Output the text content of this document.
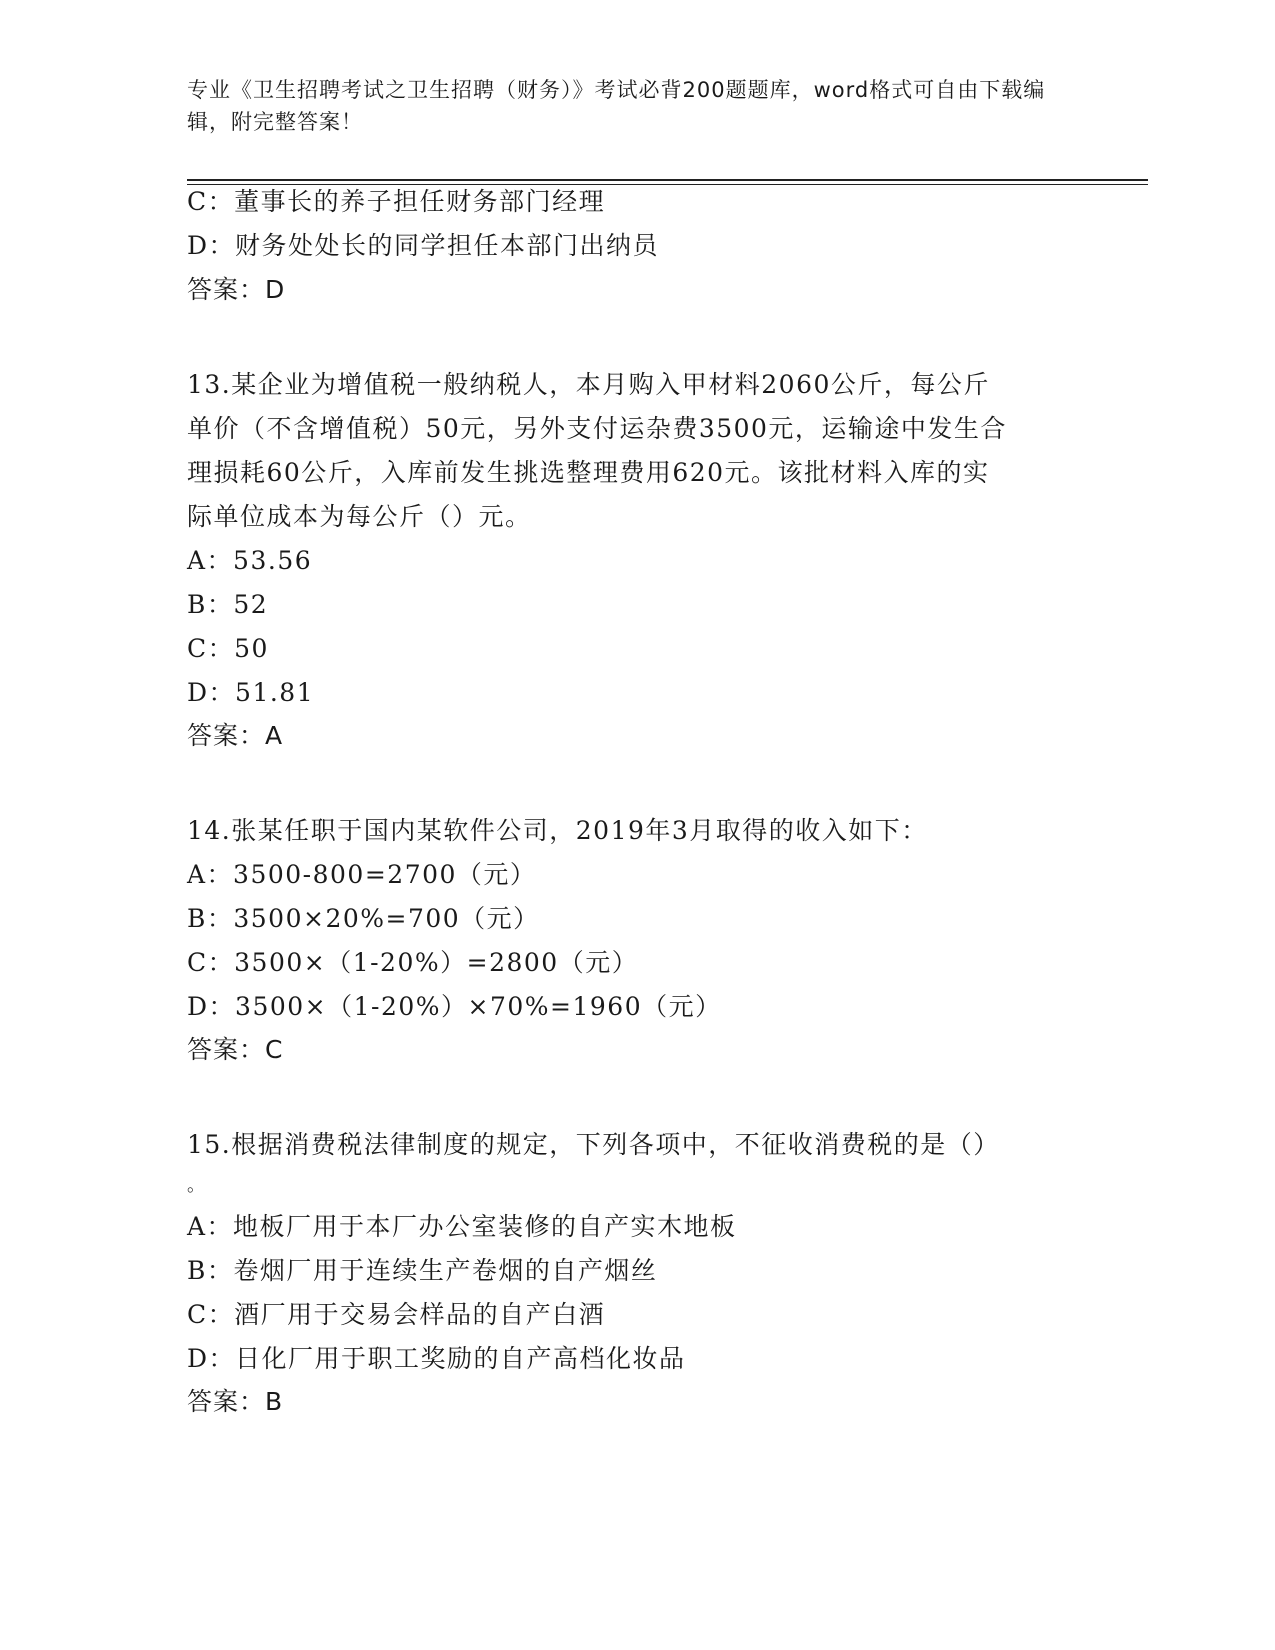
专业《卫生招聘考试之卫生招聘（财务）》考试必背200题题库，word格式可自由下载编辑，附完整答案！
C：董事长的养子担任财务部门经理
D：财务处处长的同学担任本部门出纳员
答案：D
13.某企业为增值税一般纳税人，本月购入甲材料2060公斤，每公斤
单价（不含增值税）50元，另外支付运杂费3500元，运输途中发生合
理损耗60公斤，入库前发生挑选整理费用620元。该批材料入库的实
际单位成本为每公斤（）元。
A：53.56
B：52
C：50
D：51.81
答案：A
14.张某任职于国内某软件公司，2019年3月取得的收入如下：
A：3500-800=2700（元）
B：3500×20%=700（元）
C：3500×（1-20%）=2800（元）
D：3500×（1-20%）×70%=1960（元）
答案：C
15.根据消费税法律制度的规定，下列各项中，不征收消费税的是（）
。
A：地板厂用于本厂办公室装修的自产实木地板
B：卷烟厂用于连续生产卷烟的自产烟丝
C：酒厂用于交易会样品的自产白酒
D：日化厂用于职工奖励的自产高档化妆品
答案：B
